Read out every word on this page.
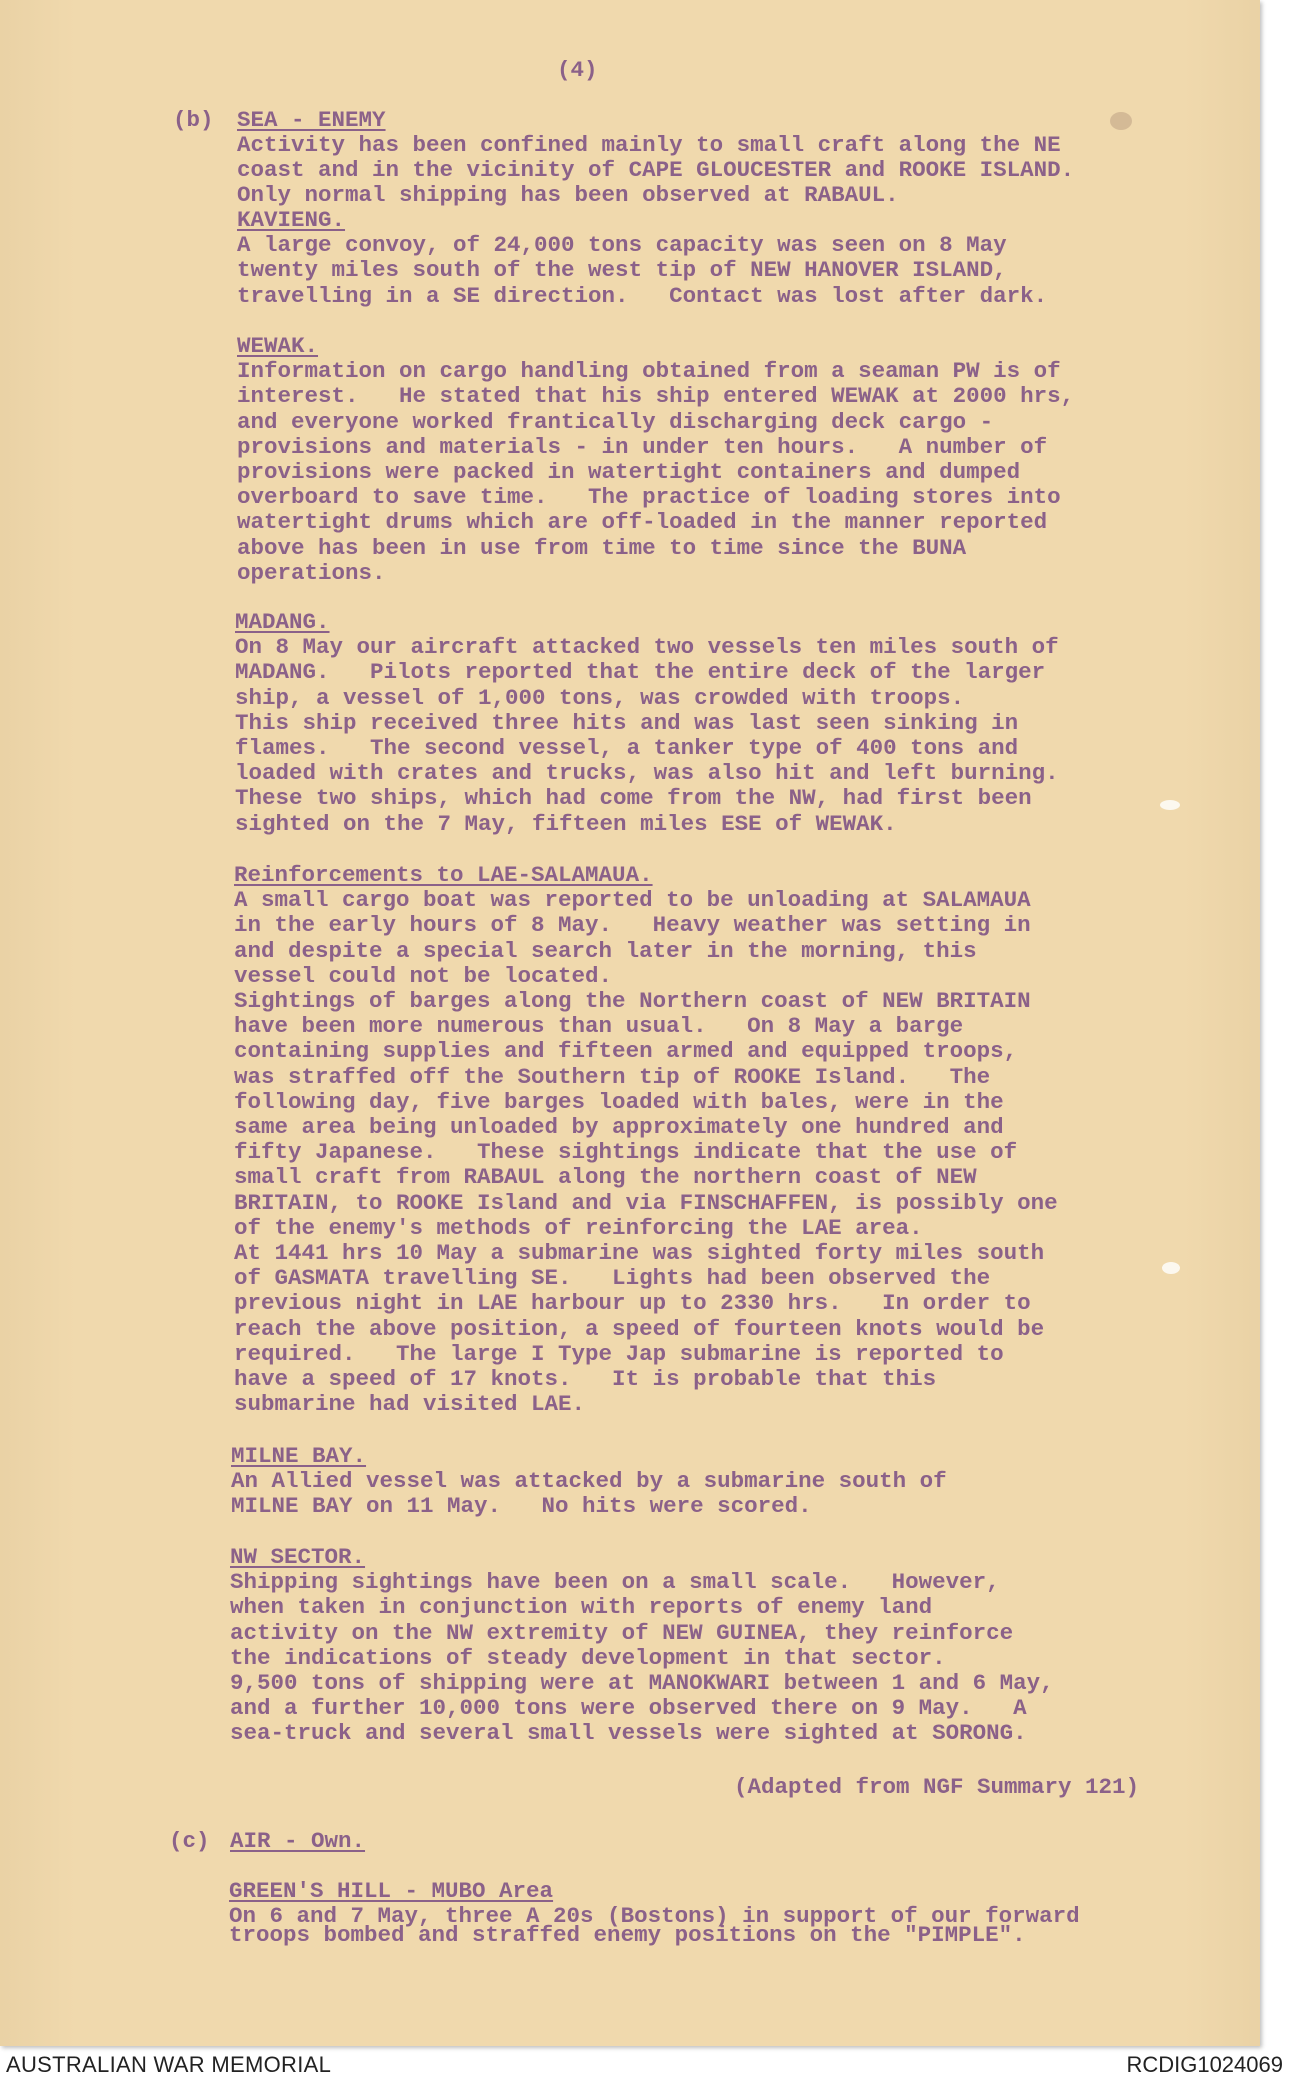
(4)
(b) SEA - ENEMY
Activity has been confined mainly to small craft along the NE
coast and in the vicinity of CAPE GLOUCESTER and ROOKE ISLAND.
Only normal shipping has been observed at RABAUL.
KAVIENG.
A large convoy, of 24,000 tons capacity was seen on 8 May
twenty miles south of the west tip of NEW HANOVER ISLAND,
travelling in a SE direction.   Contact was lost after dark.
WEWAK.
Information on cargo handling obtained from a seaman PW is of
interest.   He stated that his ship entered WEWAK at 2000 hrs,
and everyone worked frantically discharging deck cargo -
provisions and materials - in under ten hours.   A number of
provisions were packed in watertight containers and dumped
overboard to save time.   The practice of loading stores into
watertight drums which are off-loaded in the manner reported
above has been in use from time to time since the BUNA
operations.
MADANG.
On 8 May our aircraft attacked two vessels ten miles south of
MADANG.   Pilots reported that the entire deck of the larger
ship, a vessel of 1,000 tons, was crowded with troops.
This ship received three hits and was last seen sinking in
flames.   The second vessel, a tanker type of 400 tons and
loaded with crates and trucks, was also hit and left burning.
These two ships, which had come from the NW, had first been
sighted on the 7 May, fifteen miles ESE of WEWAK.
Reinforcements to LAE-SALAMAUA.
A small cargo boat was reported to be unloading at SALAMAUA
in the early hours of 8 May.   Heavy weather was setting in
and despite a special search later in the morning, this
vessel could not be located.
Sightings of barges along the Northern coast of NEW BRITAIN
have been more numerous than usual.   On 8 May a barge
containing supplies and fifteen armed and equipped troops,
was straffed off the Southern tip of ROOKE Island.   The
following day, five barges loaded with bales, were in the
same area being unloaded by approximately one hundred and
fifty Japanese.   These sightings indicate that the use of
small craft from RABAUL along the northern coast of NEW
BRITAIN, to ROOKE Island and via FINSCHAFFEN, is possibly one
of the enemy's methods of reinforcing the LAE area.
At 1441 hrs 10 May a submarine was sighted forty miles south
of GASMATA travelling SE.   Lights had been observed the
previous night in LAE harbour up to 2330 hrs.   In order to
reach the above position, a speed of fourteen knots would be
required.   The large I Type Jap submarine is reported to
have a speed of 17 knots.   It is probable that this
submarine had visited LAE.
MILNE BAY.
An Allied vessel was attacked by a submarine south of
MILNE BAY on 11 May.   No hits were scored.
NW SECTOR.
Shipping sightings have been on a small scale.   However,
when taken in conjunction with reports of enemy land
activity on the NW extremity of NEW GUINEA, they reinforce
the indications of steady development in that sector.
9,500 tons of shipping were at MANOKWARI between 1 and 6 May,
and a further 10,000 tons were observed there on 9 May.   A
sea-truck and several small vessels were sighted at SORONG.
(Adapted from NGF Summary 121)
(c) AIR - Own.
GREEN'S HILL - MUBO Area
On 6 and 7 May, three A 20s (Bostons) in support of our forward
troops bombed and straffed enemy positions on the "PIMPLE".
AUSTRALIAN WAR MEMORIAL	RCDIG1024069
